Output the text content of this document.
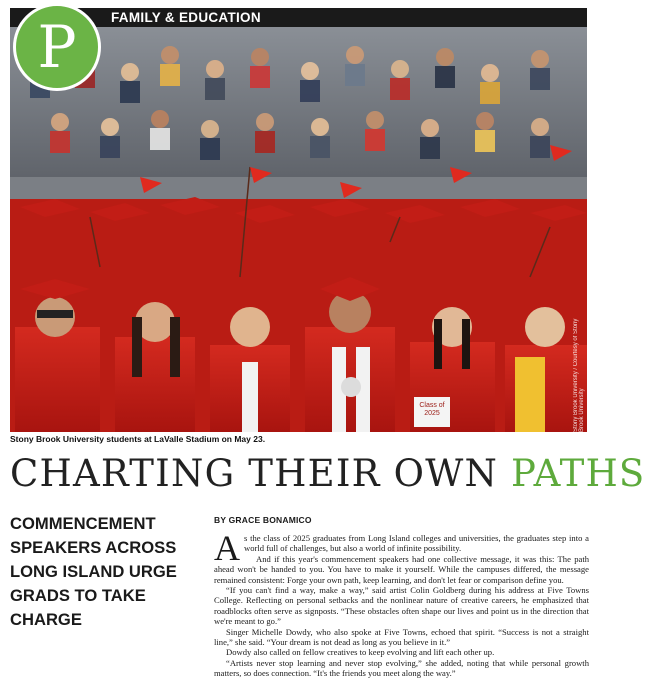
FAMILY & EDUCATION
P
Class of
2025	Stony Brook University / Courtesy of Stony Brook University
Stony Brook University students at LaValle Stadium on May 23.
CHARTING THEIR OWN PATHS
COMMENCEMENT
SPEAKERS ACROSS
LONG ISLAND URGE
GRADS TO TAKE
CHARGE
BY GRACE BONAMICO

As the class of 2025 graduates from Long Island colleges and universities, the graduates step into a world full of challenges, but also a world of infinite possibility.

And if this year's commencement speakers had one collective message, it was this: The path ahead won't be handed to you. You have to make it yourself. While the campuses differed, the message remained consistent: Forge your own path, keep learning, and don't let fear or comparison define you.

“If you can't find a way, make a way,” said artist Colin Goldberg during his address at Five Towns College. Reflecting on personal setbacks and the nonlinear nature of creative careers, he emphasized that roadblocks often serve as signposts. “These obstacles often shape our lives and point us in the direction that we're meant to go.”

Singer Michelle Dowdy, who also spoke at Five Towns, echoed that spirit. “Success is not a straight line,” she said. “Your dream is not dead as long as you believe in it.”

Dowdy also called on fellow creatives to keep evolving and lift each other up.

“Artists never stop learning and never stop evolving,” she added, noting that while personal growth matters, so does connection. “It's the friends you meet along the way.”
